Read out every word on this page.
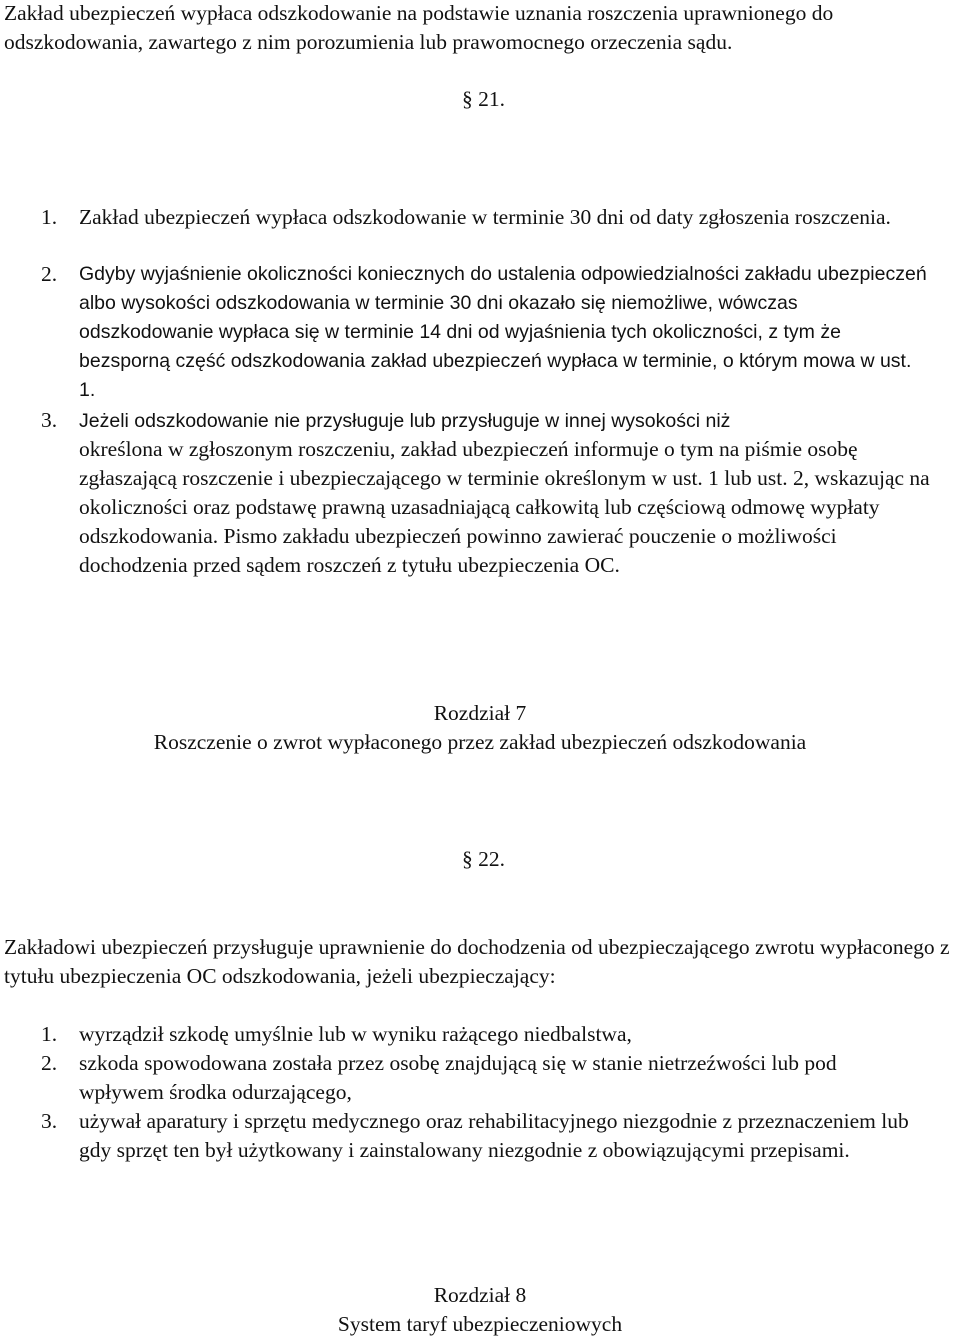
Zakład ubezpieczeń wypłaca odszkodowanie na podstawie uznania roszczenia uprawnionego do odszkodowania, zawartego z nim porozumienia lub prawomocnego orzeczenia sądu.

§ 21.

1.	Zakład ubezpieczeń wypłaca odszkodowanie w terminie 30 dni od daty zgłoszenia roszczenia.
2.	Gdyby wyjaśnienie okoliczności koniecznych do ustalenia odpowiedzialności zakładu ubezpieczeń albo wysokości odszkodowania w terminie 30 dni okazało się niemożliwe, wówczas odszkodowanie wypłaca się w terminie 14 dni od wyjaśnienia tych okoliczności, z tym że bezsporną część odszkodowania zakład ubezpieczeń wypłaca w terminie, o którym mowa w ust. 1.
3.	Jeżeli odszkodowanie nie przysługuje lub przysługuje w innej wysokości niż

określona w zgłoszonym roszczeniu, zakład ubezpieczeń informuje o tym na piśmie osobę zgłaszającą roszczenie i ubezpieczającego w terminie określonym w ust. 1 lub ust. 2, wskazując na okoliczności oraz podstawę prawną uzasadniającą całkowitą lub częściową odmowę wypłaty odszkodowania. Pismo zakładu ubezpieczeń powinno zawierać pouczenie o możliwości dochodzenia przed sądem roszczeń z tytułu ubezpieczenia OC.

Rozdział 7

Roszczenie o zwrot wypłaconego przez zakład ubezpieczeń odszkodowania

§ 22.

Zakładowi ubezpieczeń przysługuje uprawnienie do dochodzenia od ubezpieczającego zwrotu wypłaconego z tytułu ubezpieczenia OC odszkodowania, jeżeli ubezpieczający:

1.	wyrządził szkodę umyślnie lub w wyniku rażącego niedbalstwa,
2.	szkoda spowodowana została przez osobę znajdującą się w stanie nietrzeźwości lub pod wpływem środka odurzającego,
3.	używał aparatury i sprzętu medycznego oraz rehabilitacyjnego niezgodnie z przeznaczeniem lub gdy sprzęt ten był użytkowany i zainstalowany niezgodnie z obowiązującymi przepisami.

Rozdział 8

System taryf ubezpieczeniowych
